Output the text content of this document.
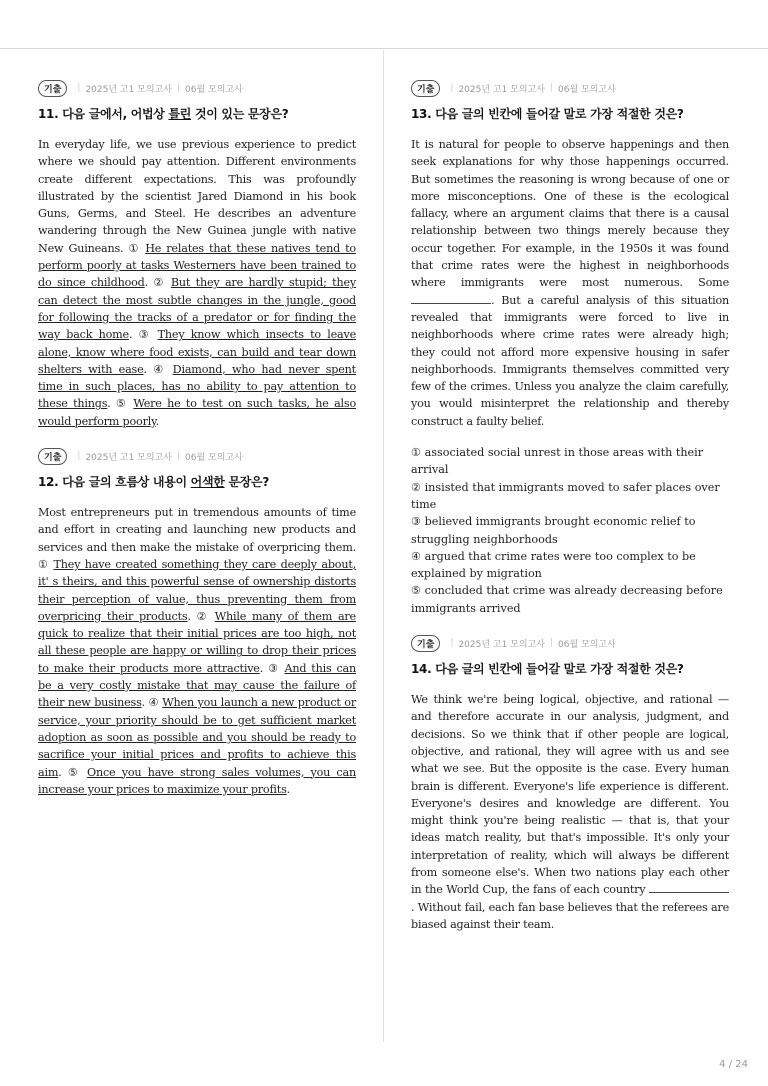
기출	| 2025년 고1 모의고사 | 06월 모의고사
11. 다음 글에서, 어법상 틀린 것이 있는 문장은?

In everyday life, we use previous experience to predict where we should pay attention. Different environments create different expectations. This was profoundly illustrated by the scientist Jared Diamond in his book Guns, Germs, and Steel. He describes an adventure wandering through the New Guinea jungle with native New Guineans. ① He relates that these natives tend to perform poorly at tasks Westerners have been trained to do since childhood. ② But they are hardly stupid; they can detect the most subtle changes in the jungle, good for following the tracks of a predator or for finding the way back home. ③ They know which insects to leave alone, know where food exists, can build and tear down shelters with ease. ④ Diamond, who had never spent time in such places, has no ability to pay attention to these things. ⑤ Were he to test on such tasks, he also would perform poorly.

기출	| 2025년 고1 모의고사 | 06월 모의고사
12. 다음 글의 흐름상 내용이 어색한 문장은?

Most entrepreneurs put in tremendous amounts of time and effort in creating and launching new products and services and then make the mistake of overpricing them. ① They have created something they care deeply about, it' s theirs, and this powerful sense of ownership distorts their perception of value, thus preventing them from overpricing their products. ② While many of them are quick to realize that their initial prices are too high, not all these people are happy or willing to drop their prices to make their products more attractive. ③ And this can be a very costly mistake that may cause the failure of their new business. ④ When you launch a new product or service, your priority should be to get sufficient market adoption as soon as possible and you should be ready to sacrifice your initial prices and profits to achieve this aim. ⑤ Once you have strong sales volumes, you can increase your prices to maximize your profits.

기출	| 2025년 고1 모의고사 | 06월 모의고사
13. 다음 글의 빈칸에 들어갈 말로 가장 적절한 것은?

It is natural for people to observe happenings and then seek explanations for why those happenings occurred. But sometimes the reasoning is wrong because of one or more misconceptions. One of these is the ecological fallacy, where an argument claims that there is a causal relationship between two things merely because they occur together. For example, in the 1950s it was found that crime rates were the highest in neighborhoods where immigrants were most numerous. Some . But a careful analysis of this situation revealed that immigrants were forced to live in neighborhoods where crime rates were already high; they could not afford more expensive housing in safer neighborhoods. Immigrants themselves committed very few of the crimes. Unless you analyze the claim carefully, you would misinterpret the relationship and thereby construct a faulty belief.

① associated social unrest in those areas with their arrival
② insisted that immigrants moved to safer places over time
③ believed immigrants brought economic relief to struggling neighborhoods
④ argued that crime rates were too complex to be explained by migration
⑤ concluded that crime was already decreasing before immigrants arrived
기출	| 2025년 고1 모의고사 | 06월 모의고사
14. 다음 글의 빈칸에 들어갈 말로 가장 적절한 것은?

We think we're being logical, objective, and rational — and therefore accurate in our analysis, judgment, and decisions. So we think that if other people are logical, objective, and rational, they will agree with us and see what we see. But the opposite is the case. Every human brain is different. Everyone's life experience is different. Everyone's desires and knowledge are different. You might think you're being realistic — that is, that your ideas match reality, but that's impossible. It's only your interpretation of reality, which will always be different from someone else's. When two nations play each other in the World Cup, the fans of each country . Without fail, each fan base believes that the referees are biased against their team.

4 / 24
